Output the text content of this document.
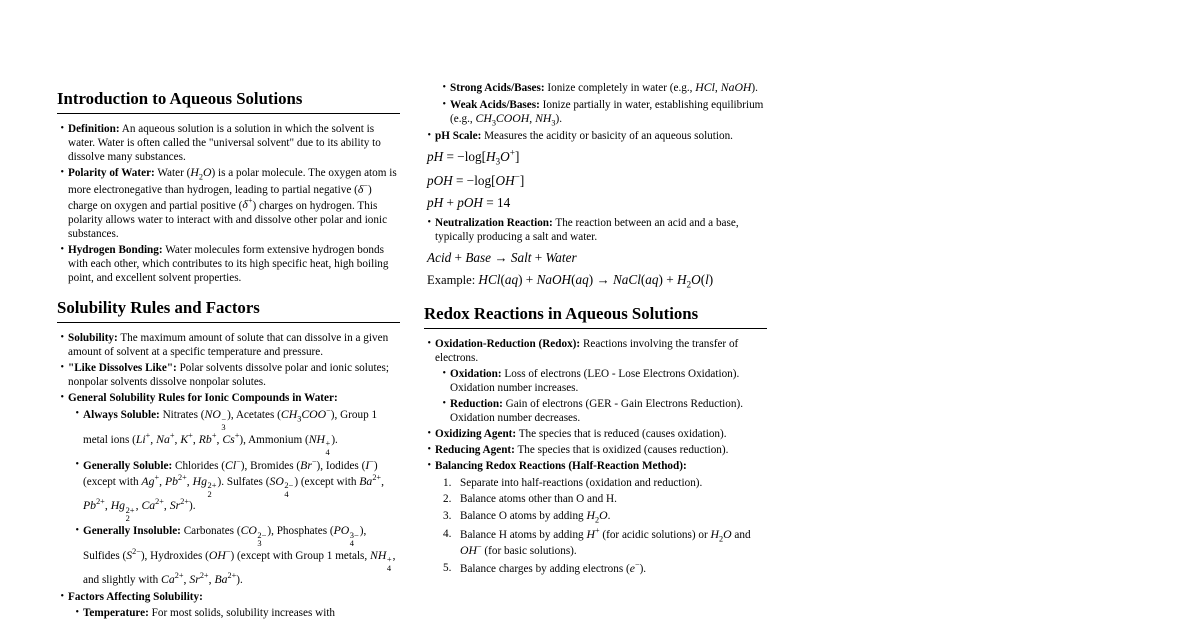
Introduction to Aqueous Solutions
• Definition: An aqueous solution is a solution in which the solvent is water. Water is often called the "universal solvent" due to its ability to dissolve many substances.
• Polarity of Water: Water $(H_2O)$ is a polar molecule. The oxygen atom is more electronegative than hydrogen, leading to partial negative (δ−) charge on oxygen and partial positive (δ+) charges on hydrogen. This polarity allows water to interact with and dissolve other polar and ionic substances.
• Hydrogen Bonding: Water molecules form extensive hydrogen bonds with each other, which contributes to its high specific heat, high boiling point, and excellent solvent properties.
Solubility Rules and Factors
• Solubility: The maximum amount of solute that can dissolve in a given amount of solvent at a specific temperature and pressure.
• "Like Dissolves Like": Polar solvents dissolve polar and ionic solutes; nonpolar solvents dissolve nonpolar solutes.
• General Solubility Rules for Ionic Compounds in Water:
• Always Soluble: Nitrates (NO −
3
), Acetates $(CH_3COO^-)$, Group 1 metal ions (Li+, Na+, K+, Rb+, Cs+), Ammonium (NH +
4
).
• Generally Soluble: Chlorides (Cl−), Bromides (Br−), Iodides (I−) (except with Ag+, $Pb^{2+}$, Hg 2+
2
). Sulfates (SO 2−
4
) (except with $Ba^{2+}$, $Pb^{2+}$, Hg 2+
2
, $Ca^{2+}$, $Sr^{2+}$).
• Generally Insoluble: Carbonates (CO 2−
3
), Phosphates (PO 3−
4
), Sulfides $(S^{2-})$, Hydroxides (OH−) (except with Group 1 metals, NH +
4
, and slightly with $Ca^{2+}$, $Sr^{2+}$, $Ba^{2+}$).
• Factors Affecting Solubility:
• Temperature: For most solids, solubility increases with
• Strong Acids/Bases: Ionize completely in water (e.g., HCl, NaOH).
• Weak Acids/Bases: Ionize partially in water, establishing equilibrium (e.g., $CH_3COOH$, $NH_3$).
• pH Scale: Measures the acidity or basicity of an aqueous solution.
pH = $-\log[H_3O^+]$
pOH = −log[OH−]
pH + pOH = 14
• Neutralization Reaction: The reaction between an acid and a base, typically producing a salt and water.
Acid + Base → Salt + Water
Example: HCl(aq) + NaOH(aq) → NaCl(aq) + $H_2O(l)$
Redox Reactions in Aqueous Solutions
• Oxidation-Reduction (Redox): Reactions involving the transfer of electrons.
• Oxidation: Loss of electrons (LEO - Lose Electrons Oxidation). Oxidation number increases.
• Reduction: Gain of electrons (GER - Gain Electrons Reduction). Oxidation number decreases.
• Oxidizing Agent: The species that is reduced (causes oxidation).
• Reducing Agent: The species that is oxidized (causes reduction).
• Balancing Redox Reactions (Half-Reaction Method):
1. Separate into half-reactions (oxidation and reduction).
2. Balance atoms other than O and H.
3. Balance O atoms by adding $H_2O$.
4. Balance H atoms by adding H+ (for acidic solutions) or $H_2O$ and OH− (for basic solutions).
5. Balance charges by adding electrons (e−).
